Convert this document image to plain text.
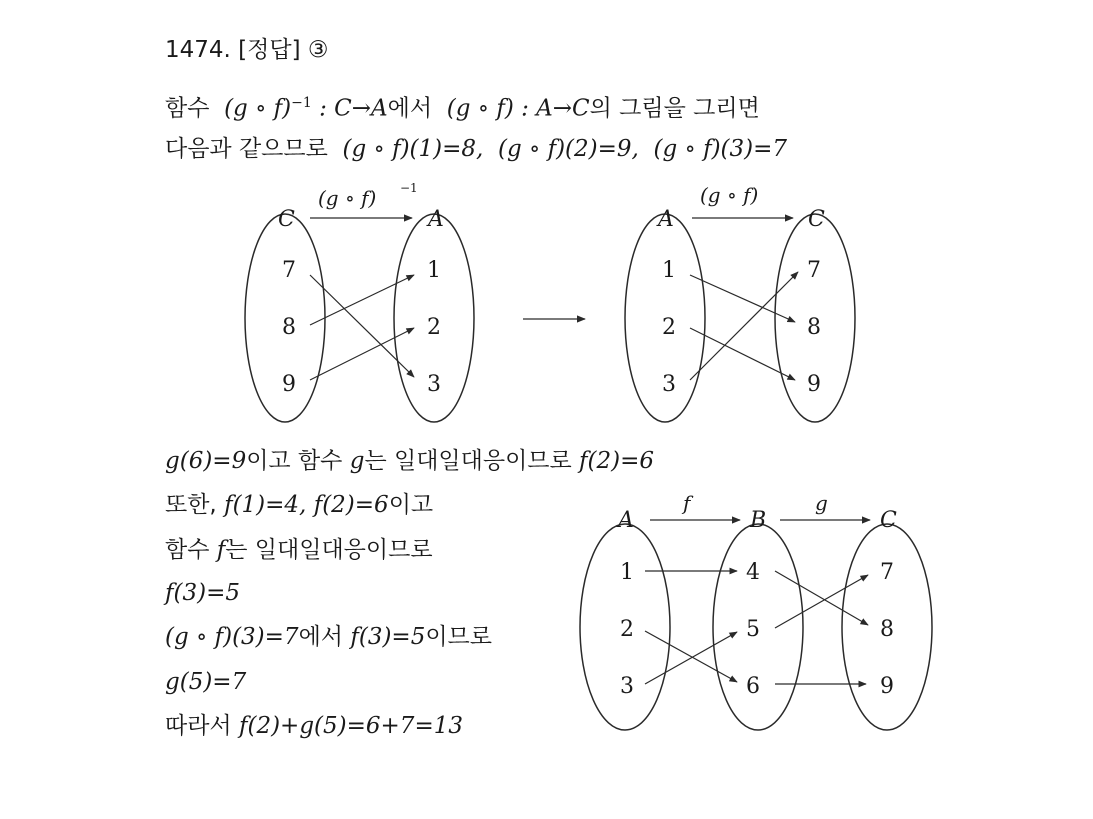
1474. [정답] ③
함수 (g ∘ f)$^{-1}$ : C→A에서 (g ∘ f) : A→C의 그림을 그리면
다음과 같으므로 (g ∘ f)(1)=8, (g ∘ f)(2)=9, (g ∘ f)(3)=7
C	A
(g ∘ f) −1
7
8
9
1
2
3
A	C
(g ∘ f)
1
2
3
7
8
9
A	B	C
f	g
1
2
3
4
5
6
7
8
9
g(6)=9이고 함수 g는 일대일대응이므로 f(2)=6
또한, f(1)=4, f(2)=6이고
함수 f는 일대일대응이므로
f(3)=5
(g ∘ f)(3)=7에서 f(3)=5이므로
g(5)=7
따라서 f(2)+g(5)=6+7=13
